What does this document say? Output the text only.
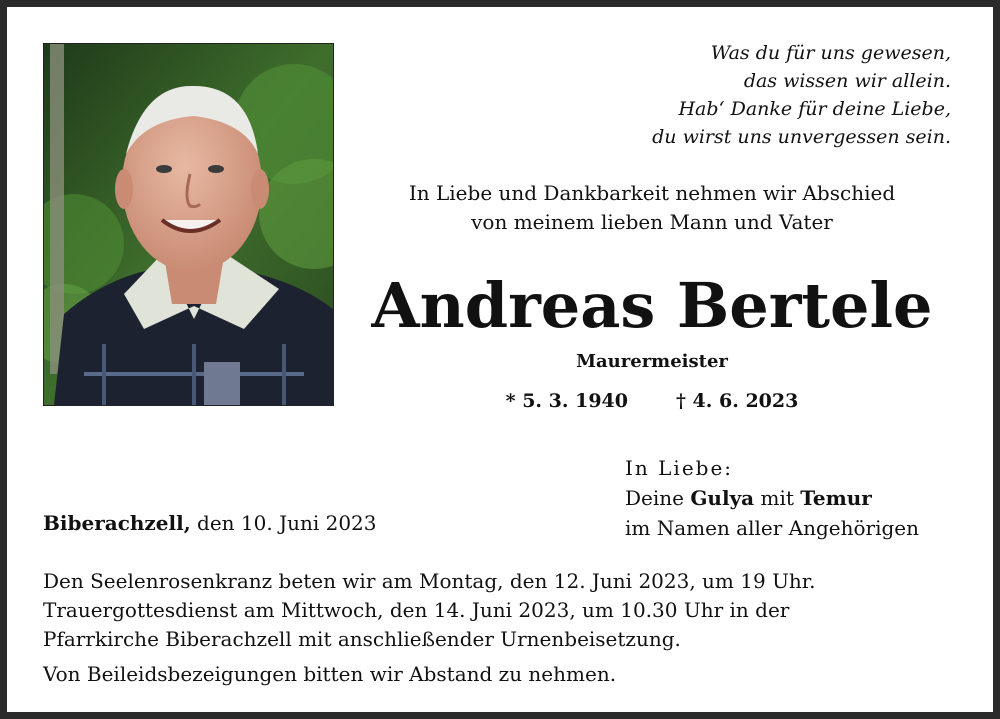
Was du für uns gewesen,
das wissen wir allein.
Hab‘ Danke für deine Liebe,
du wirst uns unvergessen sein.
In Liebe und Dankbarkeit nehmen wir Abschied
von meinem lieben Mann und Vater
Andreas Bertele
Maurermeister
* 5. 3. 1940	† 4. 6. 2023
In Liebe:
Deine Gulya mit Temur
im Namen aller Angehörigen
Biberachzell, den 10. Juni 2023
Den Seelenrosenkranz beten wir am Montag, den 12. Juni 2023, um 19 Uhr.
Trauergottesdienst am Mittwoch, den 14. Juni 2023, um 10.30 Uhr in der
Pfarrkirche Biberachzell mit anschließender Urnenbeisetzung.
Von Beileidsbezeigungen bitten wir Abstand zu nehmen.
